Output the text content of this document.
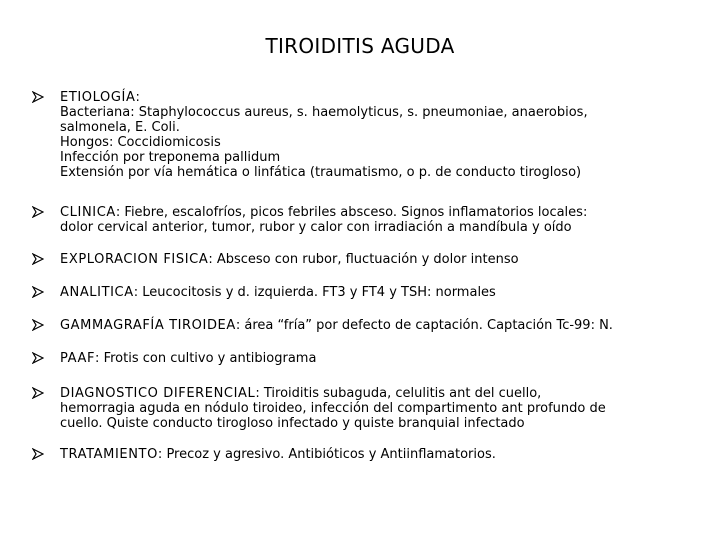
TIROIDITIS AGUDA
ETIOLOGÍA:
Bacteriana: Staphylococcus aureus, s. haemolyticus, s. pneumoniae, anaerobios,
salmonela, E. Coli.
Hongos: Coccidiomicosis
Infección por treponema pallidum
Extensión por vía hemática o linfática (traumatismo, o p. de conducto tirogloso)
CLINICA: Fiebre, escalofríos, picos febriles absceso. Signos inflamatorios locales:
dolor cervical anterior, tumor, rubor y calor con irradiación a mandíbula y oído
EXPLORACION FISICA: Absceso con rubor, fluctuación y dolor intenso
ANALITICA: Leucocitosis y d. izquierda. FT3 y FT4 y TSH: normales
GAMMAGRAFÍA TIROIDEA: área “fría” por defecto de captación. Captación Tc-99: N.
PAAF: Frotis con cultivo y antibiograma
DIAGNOSTICO DIFERENCIAL: Tiroiditis subaguda, celulitis ant del cuello,
hemorragia aguda en nódulo tiroideo, infección del compartimento ant profundo de
cuello. Quiste conducto tirogloso infectado y quiste branquial infectado
TRATAMIENTO: Precoz y agresivo. Antibióticos y Antiinflamatorios.
